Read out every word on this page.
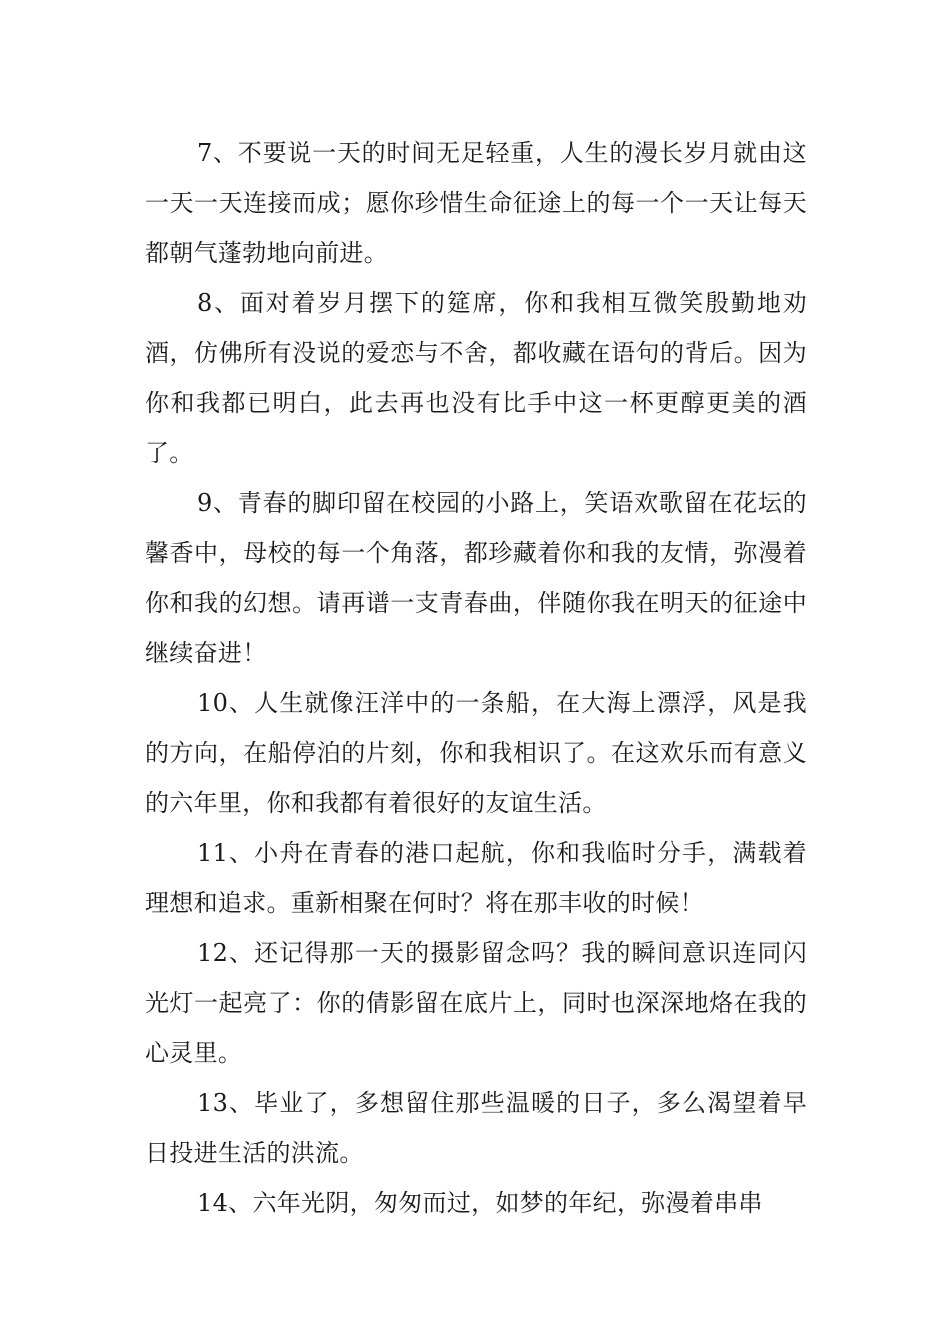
7、不要说一天的时间无足轻重，人生的漫长岁月就由这一天一天连接而成；愿你珍惜生命征途上的每一个一天让每天都朝气蓬勃地向前进。

8、面对着岁月摆下的筵席，你和我相互微笑殷勤地劝酒，仿佛所有没说的爱恋与不舍，都收藏在语句的背后。因为你和我都已明白，此去再也没有比手中这一杯更醇更美的酒了。

9、青春的脚印留在校园的小路上，笑语欢歌留在花坛的馨香中，母校的每一个角落，都珍藏着你和我的友情，弥漫着你和我的幻想。请再谱一支青春曲，伴随你我在明天的征途中继续奋进！

10、人生就像汪洋中的一条船，在大海上漂浮，风是我的方向，在船停泊的片刻，你和我相识了。在这欢乐而有意义的六年里，你和我都有着很好的友谊生活。

11、小舟在青春的港口起航，你和我临时分手，满载着理想和追求。重新相聚在何时？将在那丰收的时候！

12、还记得那一天的摄影留念吗？我的瞬间意识连同闪光灯一起亮了：你的倩影留在底片上，同时也深深地烙在我的心灵里。

13、毕业了，多想留住那些温暖的日子，多么渴望着早日投进生活的洪流。

14、六年光阴，匆匆而过，如梦的年纪，弥漫着串串
